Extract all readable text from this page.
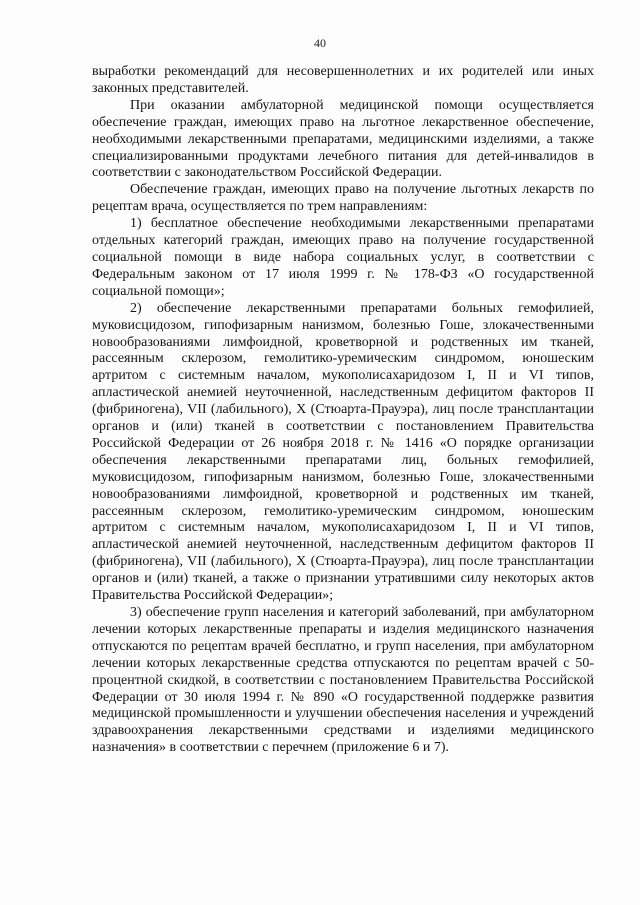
40

выработки рекомендаций для несовершеннолетних и их родителей или иных законных представителей.

При оказании амбулаторной медицинской помощи осуществляется обеспечение граждан, имеющих право на льготное лекарственное обеспечение, необходимыми лекарственными препаратами, медицинскими изделиями, а также специализированными продуктами лечебного питания для детей-инвалидов в соответствии с законодательством Российской Федерации.

Обеспечение граждан, имеющих право на получение льготных лекарств по рецептам врача, осуществляется по трем направлениям:

1) бесплатное обеспечение необходимыми лекарственными препаратами отдельных категорий граждан, имеющих право на получение государственной социальной помощи в виде набора социальных услуг, в соответствии с Федеральным законом от 17 июля 1999 г. № 178-ФЗ «О государственной социальной помощи»;

2) обеспечение лекарственными препаратами больных гемофилией, муковисцидозом, гипофизарным нанизмом, болезнью Гоше, злокачественными новообразованиями лимфоидной, кроветворной и родственных им тканей, рассеянным склерозом, гемолитико-уремическим синдромом, юношеским артритом с системным началом, мукополисахаридозом I, II и VI типов, апластической анемией неуточненной, наследственным дефицитом факторов II (фибриногена), VII (лабильного), X (Стюарта-Прауэра), лиц после трансплантации органов и (или) тканей в соответствии с постановлением Правительства Российской Федерации от 26 ноября 2018 г. № 1416 «О порядке организации обеспечения лекарственными препаратами лиц, больных гемофилией, муковисцидозом, гипофизарным нанизмом, болезнью Гоше, злокачественными новообразованиями лимфоидной, кроветворной и родственных им тканей, рассеянным склерозом, гемолитико-уремическим синдромом, юношеским артритом с системным началом, мукополисахаридозом I, II и VI типов, апластической анемией неуточненной, наследственным дефицитом факторов II (фибриногена), VII (лабильного), X (Стюарта-Прауэра), лиц после трансплантации органов и (или) тканей, а также о признании утратившими силу некоторых актов Правительства Российской Федерации»;

3) обеспечение групп населения и категорий заболеваний, при амбулаторном лечении которых лекарственные препараты и изделия медицинского назначения отпускаются по рецептам врачей бесплатно, и групп населения, при амбулаторном лечении которых лекарственные средства отпускаются по рецептам врачей с 50-процентной скидкой, в соответствии с постановлением Правительства Российской Федерации от 30 июля 1994 г. № 890 «О государственной поддержке развития медицинской промышленности и улучшении обеспечения населения и учреждений здравоохранения лекарственными средствами и изделиями медицинского назначения» в соответствии с перечнем (приложение 6 и 7).
